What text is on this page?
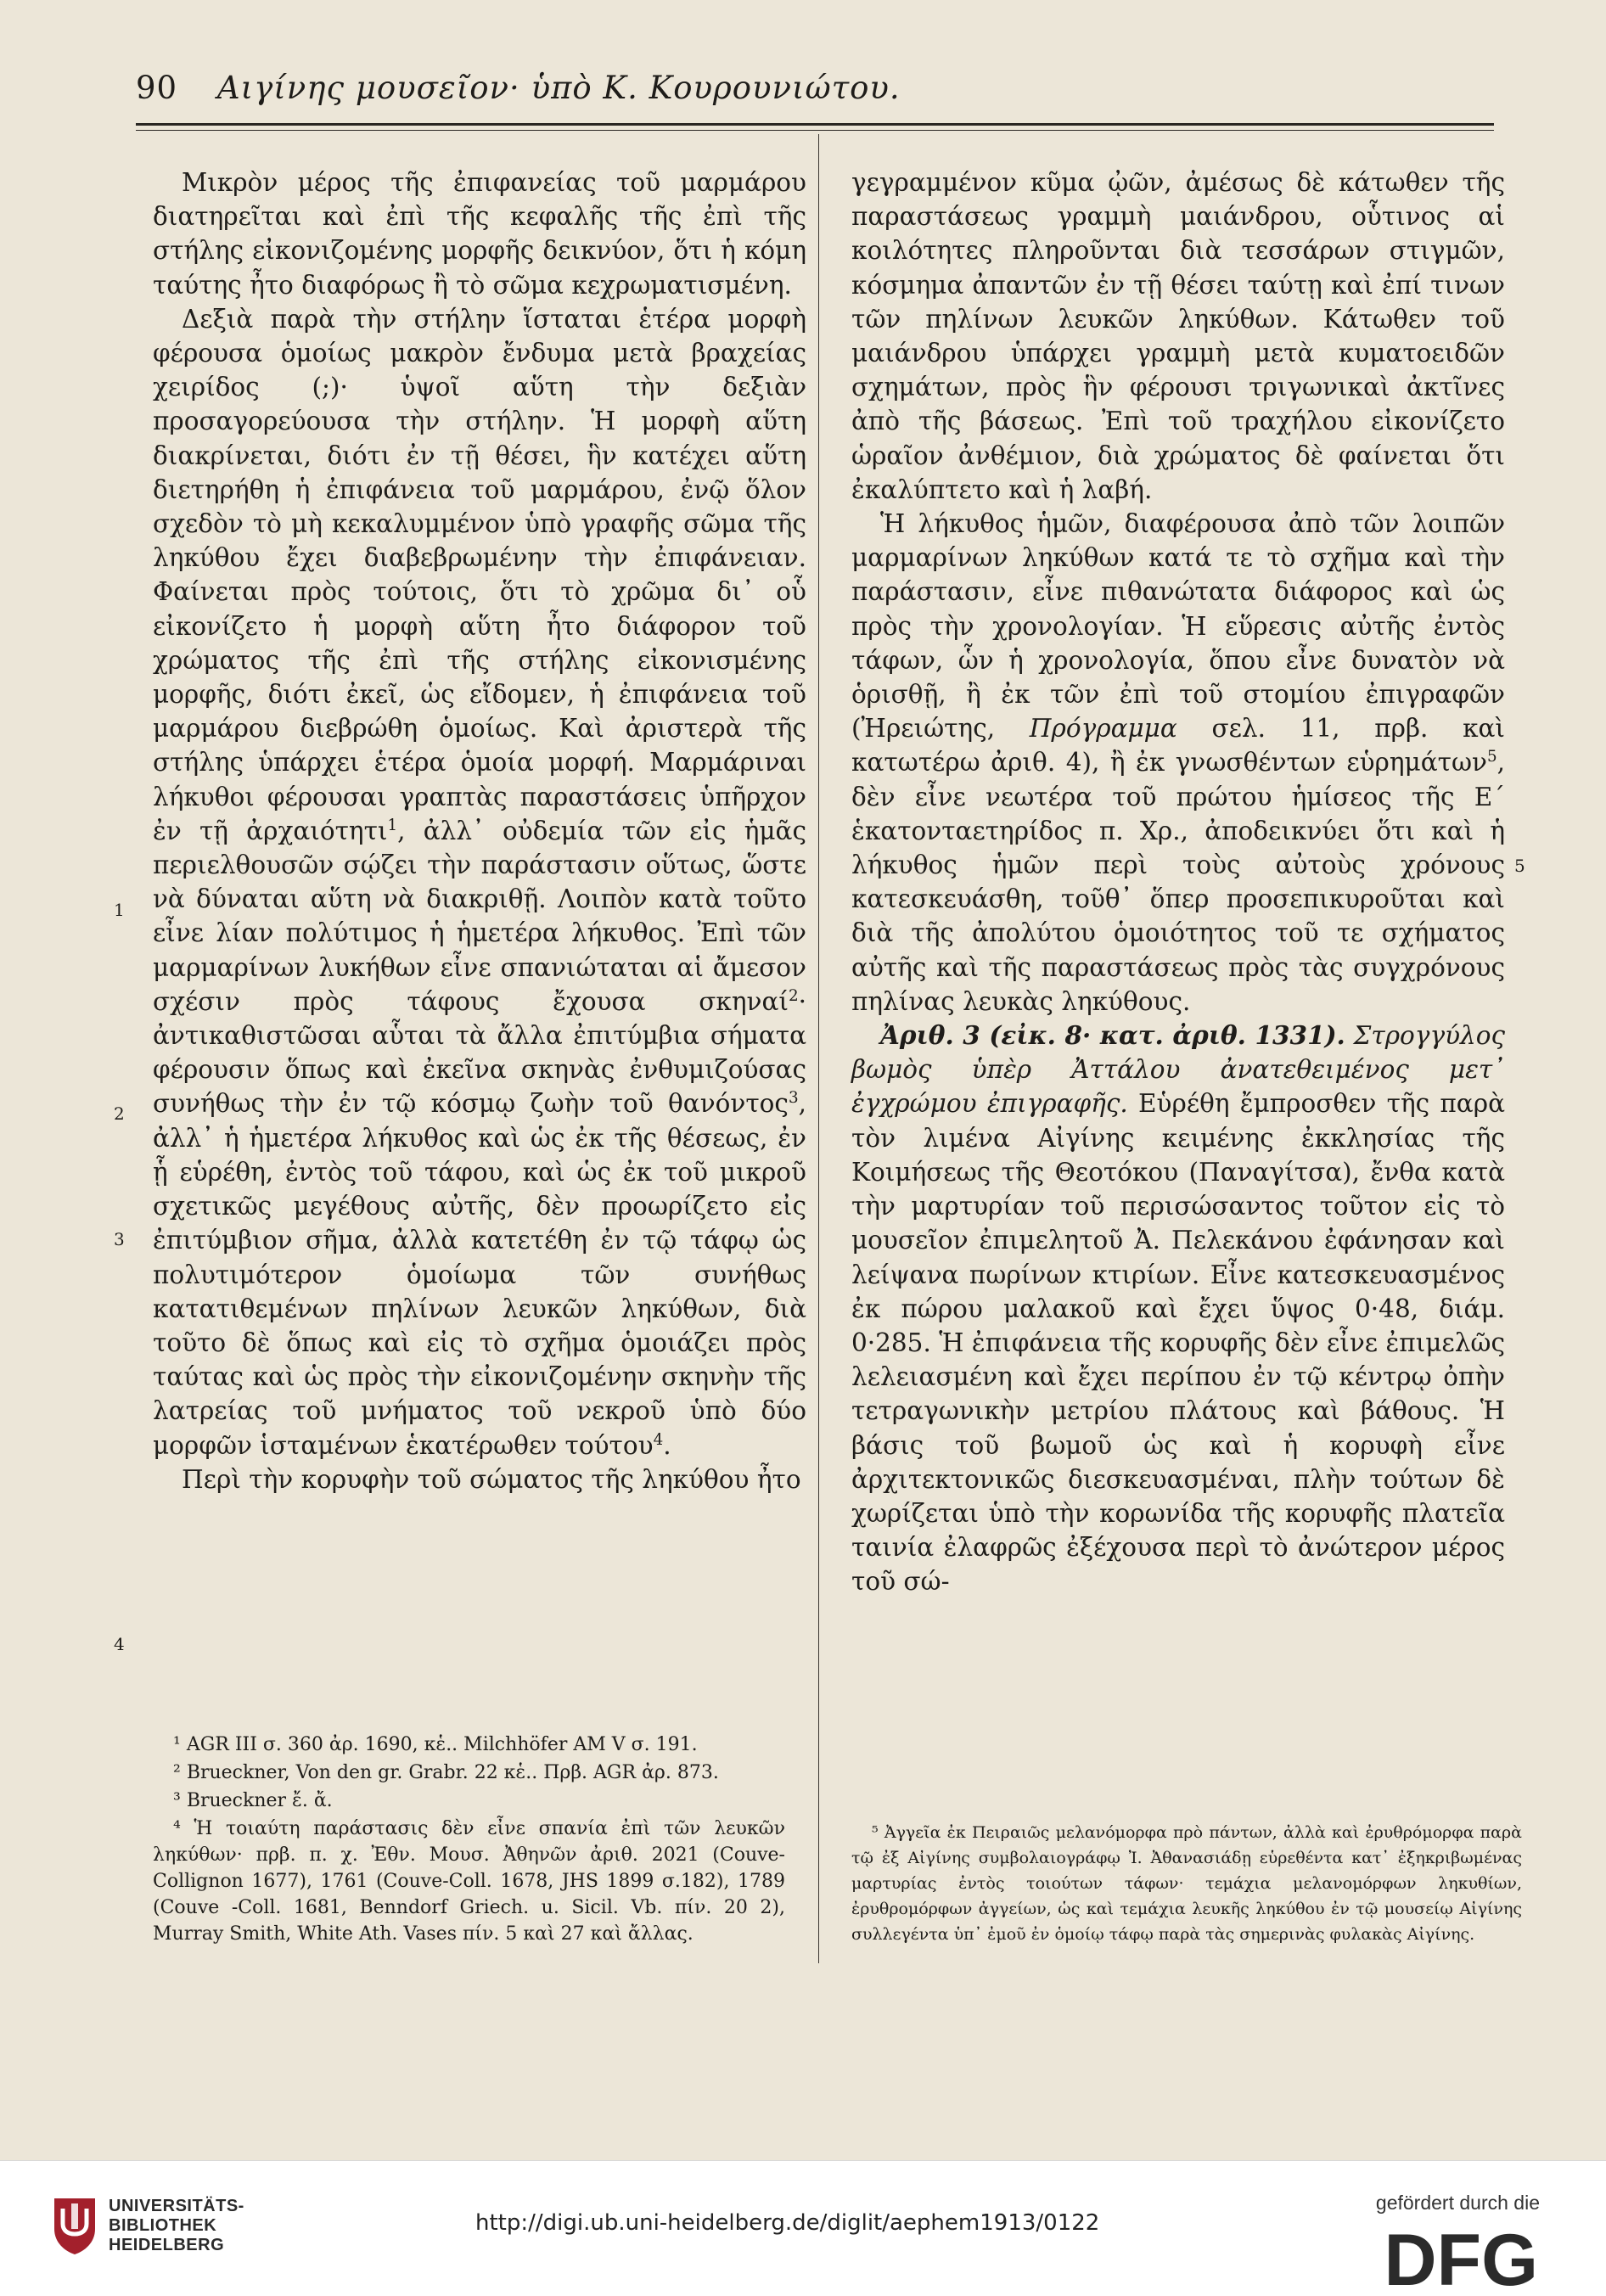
90 Αιγίνης μουσεῖον· ὑπὸ Κ. Κουρουνιώτου.

Μικρὸν μέρος τῆς ἐπιφανείας τοῦ μαρμάρου διατηρεῖται καὶ ἐπὶ τῆς κεφαλῆς τῆς ἐπὶ τῆς στήλης εἰκονιζομένης μορφῆς δεικνύον, ὅτι ἡ κόμη ταύτης ἦτο διαφόρως ἢ τὸ σῶμα κεχρωματισμένη.

Δεξιὰ παρὰ τὴν στήλην ἵσταται ἑτέρα μορφὴ φέρουσα ὁμοίως μακρὸν ἔνδυμα μετὰ βραχείας χειρίδος (;)· ὑψοῖ αὕτη τὴν δεξιὰν προσαγορεύουσα τὴν στήλην. Ἡ μορφὴ αὕτη διακρίνεται, διότι ἐν τῇ θέσει, ἣν κατέχει αὕτη διετηρήθη ἡ ἐπιφάνεια τοῦ μαρμάρου, ἐνῷ ὅλον σχεδὸν τὸ μὴ κεκαλυμμένον ὑπὸ γραφῆς σῶμα τῆς ληκύθου ἔχει διαβεβρωμένην τὴν ἐπιφάνειαν. Φαίνεται πρὸς τούτοις, ὅτι τὸ χρῶμα δι᾽ οὗ εἰκονίζετο ἡ μορφὴ αὕτη ἦτο διάφορον τοῦ χρώματος τῆς ἐπὶ τῆς στήλης εἰκονισμένης μορφῆς, διότι ἐκεῖ, ὡς εἴδομεν, ἡ ἐπιφάνεια τοῦ μαρμάρου διεβρώθη ὁμοίως. Καὶ ἀριστερὰ τῆς στήλης ὑπάρχει ἑτέρα ὁμοία μορφή. Μαρμάριναι λήκυθοι φέρουσαι γραπτὰς παραστάσεις ὑπῆρχον ἐν τῇ ἀρχαιότητι$^1$, ἀλλ᾽ οὐδεμία τῶν εἰς ἡμᾶς περιελθουσῶν σῴζει τὴν παράστασιν οὕτως, ὥστε νὰ δύναται αὕτη νὰ διακριθῇ. Λοιπὸν κατὰ τοῦτο εἶνε λίαν πολύτιμος ἡ ἡμετέρα λήκυθος. Ἐπὶ τῶν μαρμαρίνων λυκήθων εἶνε σπανιώταται αἱ ἄμεσον σχέσιν πρὸς τάφους ἔχουσα σκηναί$^2$· ἀντικαθιστῶσαι αὗται τὰ ἄλλα ἐπιτύμβια σήματα φέρουσιν ὅπως καὶ ἐκεῖνα σκηνὰς ἐνθυμιζούσας συνήθως τὴν ἐν τῷ κόσμῳ ζωὴν τοῦ θανόντος$^3$, ἀλλ᾽ ἡ ἡμετέρα λήκυθος καὶ ὡς ἐκ τῆς θέσεως, ἐν ᾗ εὑρέθη, ἐντὸς τοῦ τάφου, καὶ ὡς ἐκ τοῦ μικροῦ σχετικῶς μεγέθους αὐτῆς, δὲν προωρίζετο εἰς ἐπιτύμβιον σῆμα, ἀλλὰ κατετέθη ἐν τῷ τάφῳ ὡς πολυτιμότερον ὁμοίωμα τῶν συνήθως κατατιθεμένων πηλίνων λευκῶν ληκύθων, διὰ τοῦτο δὲ ὅπως καὶ εἰς τὸ σχῆμα ὁμοιάζει πρὸς ταύτας καὶ ὡς πρὸς τὴν εἰκονιζομένην σκηνὴν τῆς λατρείας τοῦ μνήματος τοῦ νεκροῦ ὑπὸ δύο μορφῶν ἱσταμένων ἑκατέρωθεν τούτου$^4$.

Περὶ τὴν κορυφὴν τοῦ σώματος τῆς ληκύθου ἦτο

1
2
3
4
5

γεγραμμένον κῦμα ᾠῶν, ἀμέσως δὲ κάτωθεν τῆς παραστάσεως γραμμὴ μαιάνδρου, οὗτινος αἱ κοιλότητες πληροῦνται διὰ τεσσάρων στιγμῶν, κόσμημα ἀπαντῶν ἐν τῇ θέσει ταύτῃ καὶ ἐπί τινων τῶν πηλίνων λευκῶν ληκύθων. Κάτωθεν τοῦ μαιάνδρου ὑπάρχει γραμμὴ μετὰ κυματοειδῶν σχημάτων, πρὸς ἣν φέρουσι τριγωνικαὶ ἀκτῖνες ἀπὸ τῆς βάσεως. Ἐπὶ τοῦ τραχήλου εἰκονίζετο ὡραῖον ἀνθέμιον, διὰ χρώματος δὲ φαίνεται ὅτι ἐκαλύπτετο καὶ ἡ λαβή.

Ἡ λήκυθος ἡμῶν, διαφέρουσα ἀπὸ τῶν λοιπῶν μαρμαρίνων ληκύθων κατά τε τὸ σχῆμα καὶ τὴν παράστασιν, εἶνε πιθανώτατα διάφορος καὶ ὡς πρὸς τὴν χρονολογίαν. Ἡ εὕρεσις αὐτῆς ἐντὸς τάφων, ὧν ἡ χρονολογία, ὅπου εἶνε δυνατὸν νὰ ὁρισθῇ, ἢ ἐκ τῶν ἐπὶ τοῦ στομίου ἐπιγραφῶν (Ἠρειώτης, Πρόγραμμα σελ. 11, πρβ. καὶ κατωτέρω ἀριθ. 4), ἢ ἐκ γνωσθέντων εὑρημάτων$^5$, δὲν εἶνε νεωτέρα τοῦ πρώτου ἡμίσεος τῆς Ε΄ ἑκατονταετηρίδος π. Χρ., ἀποδεικνύει ὅτι καὶ ἡ λήκυθος ἡμῶν περὶ τοὺς αὐτοὺς χρόνους κατεσκευάσθη, τοῦθ᾽ ὅπερ προσεπικυροῦται καὶ διὰ τῆς ἀπολύτου ὁμοιότητος τοῦ τε σχήματος αὐτῆς καὶ τῆς παραστάσεως πρὸς τὰς συγχρόνους πηλίνας λευκὰς ληκύθους.

Ἀριθ. 3 (εἰκ. 8· κατ. ἀριθ. 1331). Στρογγύλος βωμὸς ὑπὲρ Ἀττάλου ἀνατεθειμένος μετ᾽ ἐγχρώμου ἐπιγραφῆς. Εὑρέθη ἔμπροσθεν τῆς παρὰ τὸν λιμένα Αἰγίνης κειμένης ἐκκλησίας τῆς Κοιμήσεως τῆς Θεοτόκου (Παναγίτσα), ἔνθα κατὰ τὴν μαρτυρίαν τοῦ περισώσαντος τοῦτον εἰς τὸ μουσεῖον ἐπιμελητοῦ Ἀ. Πελεκάνου ἐφάνησαν καὶ λείψανα πωρίνων κτιρίων. Εἶνε κατεσκευασμένος ἐκ πώρου μαλακοῦ καὶ ἔχει ὕψος 0·48, διάμ. 0·285. Ἡ ἐπιφάνεια τῆς κορυφῆς δὲν εἶνε ἐπιμελῶς λελειασμένη καὶ ἔχει περίπου ἐν τῷ κέντρῳ ὀπὴν τετραγωνικὴν μετρίου πλάτους καὶ βάθους. Ἡ βάσις τοῦ βωμοῦ ὡς καὶ ἡ κορυφὴ εἶνε ἀρχιτεκτονικῶς διεσκευασμέναι, πλὴν τούτων δὲ χωρίζεται ὑπὸ τὴν κορωνίδα τῆς κορυφῆς πλατεῖα ταινία ἐλαφρῶς ἐξέχουσα περὶ τὸ ἀνώτερον μέρος τοῦ σώ-

¹ AGR III σ. 360 ἀρ. 1690, κἑ.. Milchhöfer AM V σ. 191.

² Brueckner, Von den gr. Grabr. 22 κἑ.. Πρβ. AGR ἀρ. 873.

³ Brueckner ἔ. ἄ.

⁴ Ἡ τοιαύτη παράστασις δὲν εἶνε σπανία ἐπὶ τῶν λευκῶν ληκύθων· πρβ. π. χ. Ἐθν. Μουσ. Ἀθηνῶν ἀριθ. 2021 (Couve-Collignon 1677), 1761 (Couve-Coll. 1678, JHS 1899 σ.182), 1789 (Couve -Coll. 1681, Benndorf Griech. u. Sicil. Vb. πίν. 20 2), Murray Smith, White Ath. Vases πίν. 5 καὶ 27 καὶ ἄλλας.

⁵ Ἀγγεῖα ἐκ Πειραιῶς μελανόμορφα πρὸ πάντων, ἀλλὰ καὶ ἐρυθρόμορφα παρὰ τῷ ἐξ Αἰγίνης συμβολαιογράφῳ Ἰ. Ἀθανασιάδῃ εὑρεθέντα κατ᾽ ἐξηκριβωμένας μαρτυρίας ἐντὸς τοιούτων τάφων· τεμάχια μελανομόρφων ληκυθίων, ἐρυθρομόρφων ἀγγείων, ὡς καὶ τεμάχια λευκῆς ληκύθου ἐν τῷ μουσείῳ Αἰγίνης συλλεγέντα ὑπ᾽ ἐμοῦ ἐν ὁμοίῳ τάφῳ παρὰ τὰς σημερινὰς φυλακὰς Αἰγίνης.

UNIVERSITÄTS-
BIBLIOTHEK
HEIDELBERG
http://digi.ub.uni-heidelberg.de/diglit/aephem1913/0122
gefördert durch die
DFG
